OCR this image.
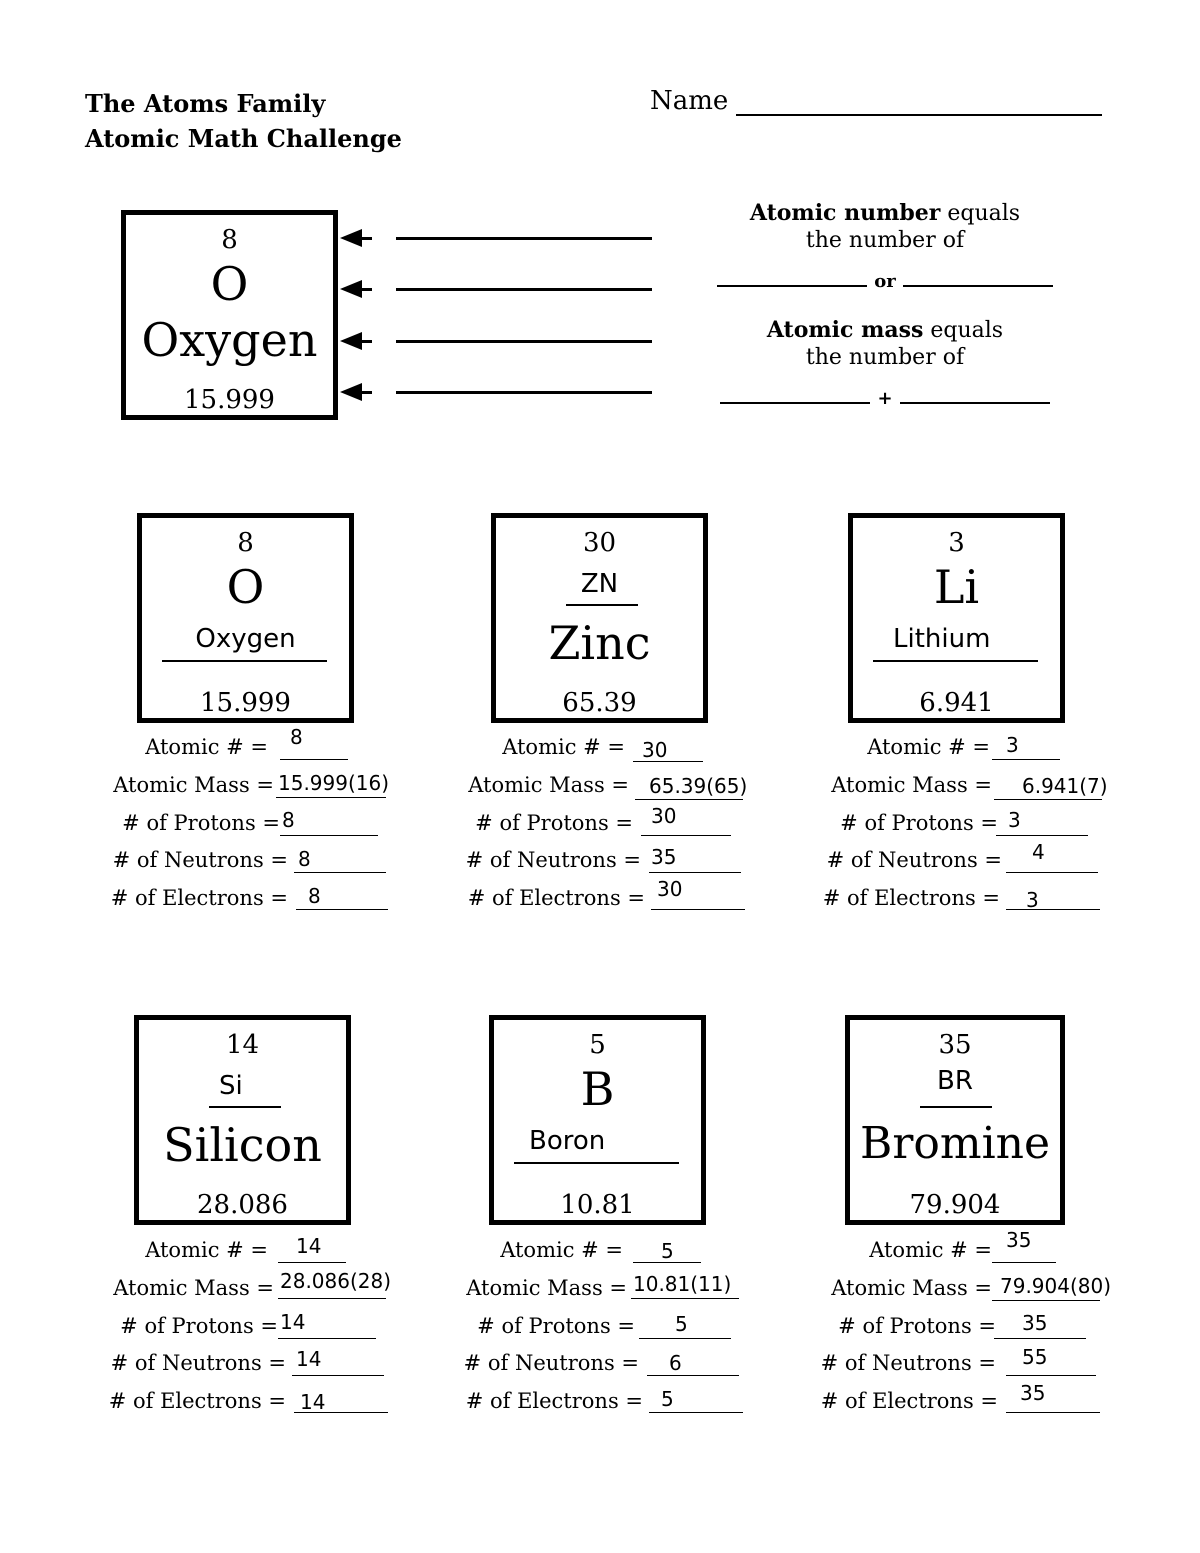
The Atoms Family
Atomic Math Challenge
Name
8
O
Oxygen
15.999
Atomic number equals
the number of
or
Atomic mass equals
the number of
+
8
O
Oxygen
15.999
30
ZN
Zinc
65.39
3
Li
Lithium
6.941
14
Si
Silicon
28.086
5
B
Boron
10.81
35
BR
Bromine
79.904
Atomic # = 8
Atomic Mass = 15.999(16)
# of Protons = 8
# of Neutrons = 8
# of Electrons = 8
Atomic # = 30
Atomic Mass = 65.39(65)
# of Protons = 30
# of Neutrons = 35
# of Electrons = 30
Atomic # = 3
Atomic Mass = 6.941(7)
# of Protons = 3
# of Neutrons = 4
# of Electrons = 3
Atomic # = 14
Atomic Mass = 28.086(28)
# of Protons = 14
# of Neutrons = 14
# of Electrons = 14
Atomic # = 5
Atomic Mass = 10.81(11)
# of Protons = 5
# of Neutrons = 6
# of Electrons = 5
Atomic # = 35
Atomic Mass = 79.904(80)
# of Protons = 35
# of Neutrons = 55
# of Electrons = 35
